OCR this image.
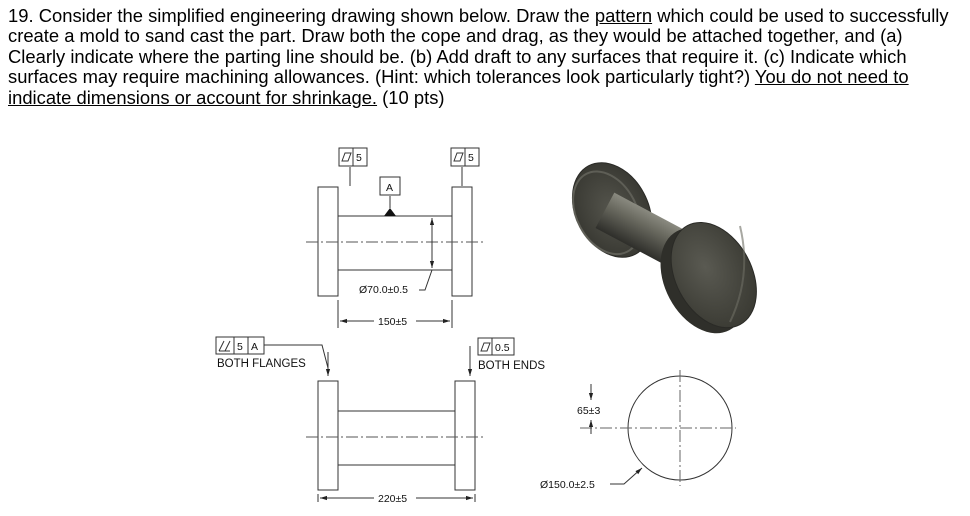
19. Consider the simplified engineering drawing shown below. Draw the pattern which could be used to successfully create a mold to sand cast the part. Draw both the cope and drag, as they would be attached together, and (a) Clearly indicate where the parting line should be. (b) Add draft to any surfaces that require it. (c) Indicate which surfaces may require machining allowances. (Hint: which tolerances look particularly tight?) You do not need to indicate dimensions or account for shrinkage. (10 pts)

5	5
A
Ø70.0±0.5
150±5
5 A
BOTH FLANGES
0.5
BOTH ENDS
220±5
65±3
Ø150.0±2.5
